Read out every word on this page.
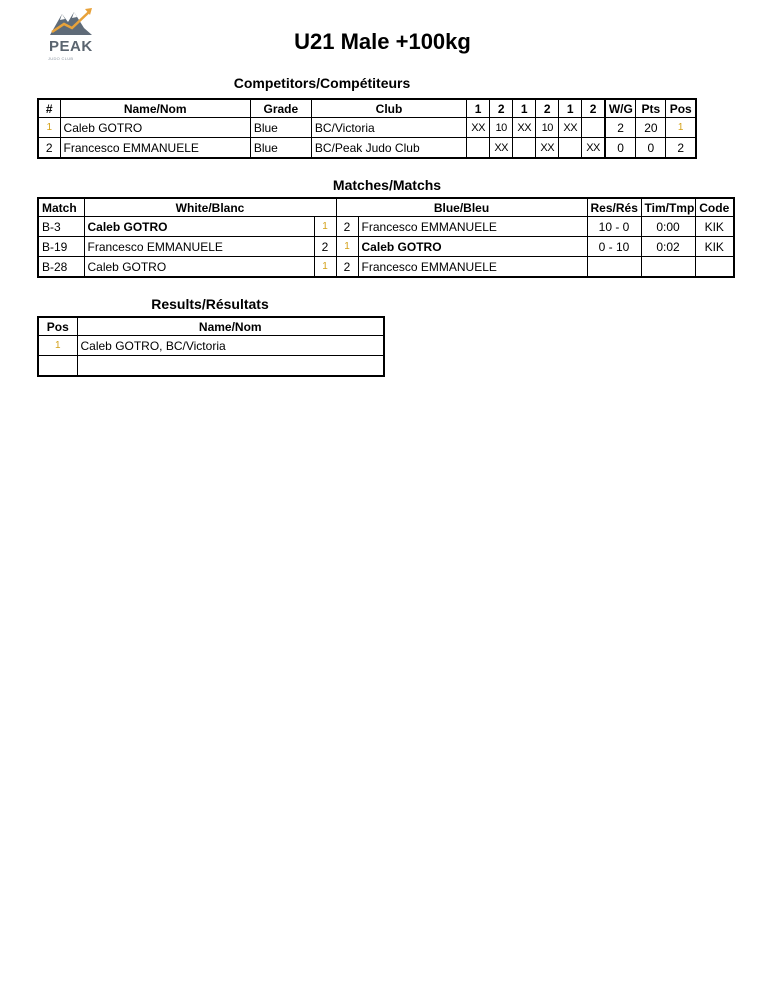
PEAK
JUDO CLUB
U21 Male +100kg
Competitors/Compétiteurs
#	Name/Nom	Grade	Club	1	2	1	2	1	2	W/G	Pts	Pos
1	Caleb GOTRO	Blue	BC/Victoria	XX	10	XX	10	XX		2	20	1
2	Francesco EMMANUELE	Blue	BC/Peak Judo Club		XX		XX		XX	0	0	2
Matches/Matchs
Match	White/Blanc		Blue/Bleu		Res/Rés	Tim/Tmp	Code
B-3	Caleb GOTRO	1	2	Francesco EMMANUELE	10 - 0	0:00	KIK
B-19	Francesco EMMANUELE	2	1	Caleb GOTRO	0 - 10	0:02	KIK
B-28	Caleb GOTRO	1	2	Francesco EMMANUELE			
Results/Résultats
Pos	Name/Nom
1	Caleb GOTRO, BC/Victoria
